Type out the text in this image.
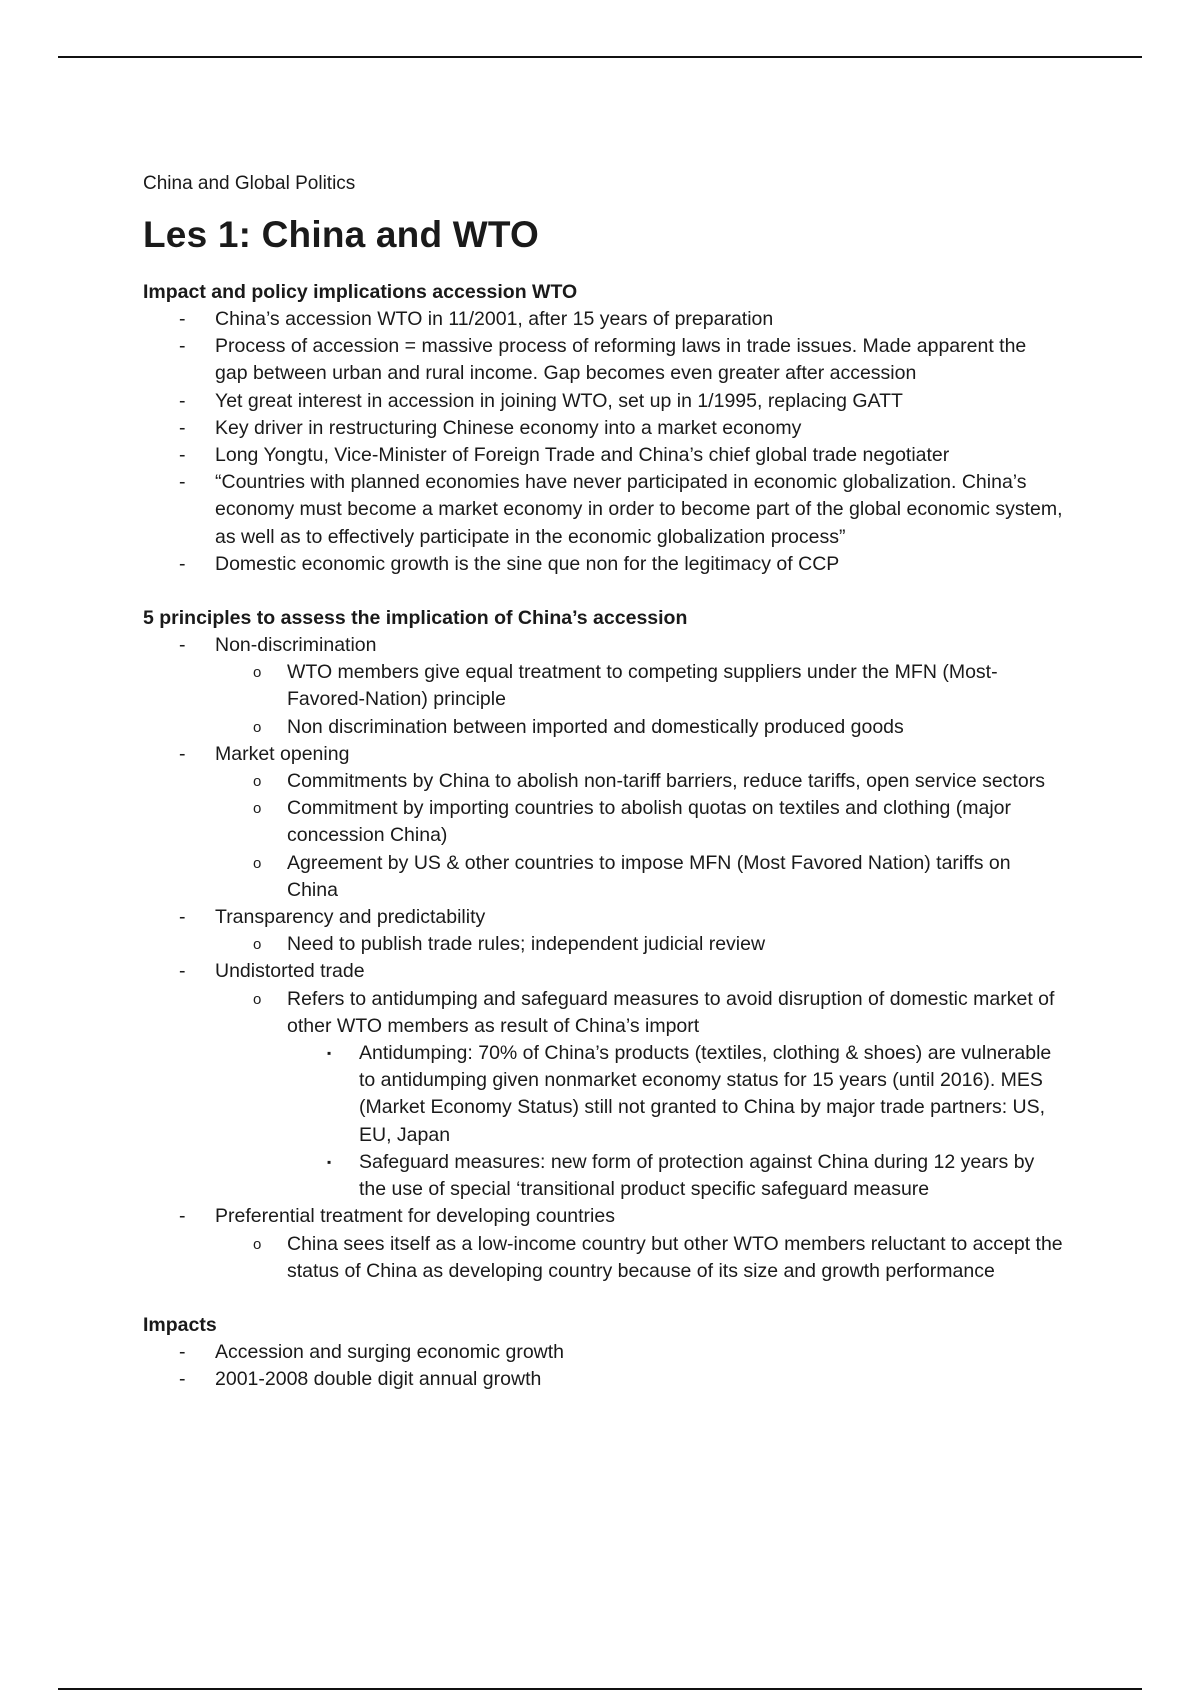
China and Global Politics

Les 1: China and WTO

Impact and policy implications accession WTO

- China’s accession WTO in 11/2001, after 15 years of preparation
- Process of accession = massive process of reforming laws in trade issues. Made apparent the gap between urban and rural income. Gap becomes even greater after accession
- Yet great interest in accession in joining WTO, set up in 1/1995, replacing GATT
- Key driver in restructuring Chinese economy into a market economy
- Long Yongtu, Vice-Minister of Foreign Trade and China’s chief global trade negotiater
- “Countries with planned economies have never participated in economic globalization. China’s economy must become a market economy in order to become part of the global economic system, as well as to effectively participate in the economic globalization process”
- Domestic economic growth is the sine que non for the legitimacy of CCP

5 principles to assess the implication of China’s accession

- Non-discrimination
o WTO members give equal treatment to competing suppliers under the MFN (Most-Favored-Nation) principle
o Non discrimination between imported and domestically produced goods
- Market opening
o Commitments by China to abolish non-tariff barriers, reduce tariffs, open service sectors
o Commitment by importing countries to abolish quotas on textiles and clothing (major concession China)
o Agreement by US & other countries to impose MFN (Most Favored Nation) tariffs on China
- Transparency and predictability
o Need to publish trade rules; independent judicial review
- Undistorted trade
o Refers to antidumping and safeguard measures to avoid disruption of domestic market of other WTO members as result of China’s import
▪ Antidumping: 70% of China’s products (textiles, clothing & shoes) are vulnerable to antidumping given nonmarket economy status for 15 years (until 2016). MES (Market Economy Status) still not granted to China by major trade partners: US, EU, Japan
▪ Safeguard measures: new form of protection against China during 12 years by the use of special ‘transitional product specific safeguard measure
- Preferential treatment for developing countries
o China sees itself as a low-income country but other WTO members reluctant to accept the status of China as developing country because of its size and growth performance

Impacts

- Accession and surging economic growth
- 2001-2008 double digit annual growth
